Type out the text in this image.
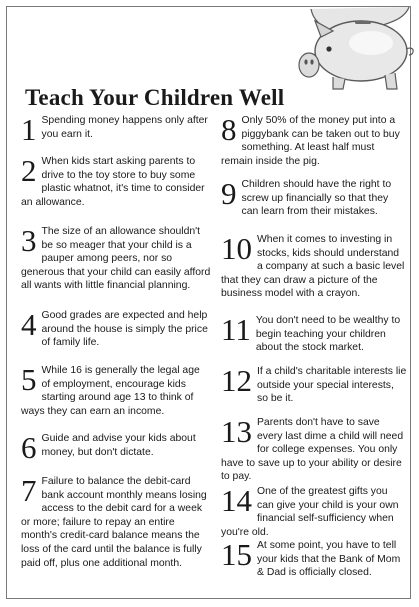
Teach Your Children Well
1 Spending money happens only after you earn it.
2 When kids start asking parents to drive to the toy store to buy some plastic whatnot, it's time to consider an allowance.
3 The size of an allowance shouldn't be so meager that your child is a pauper among peers, nor so generous that your child can easily afford all wants with little financial planning.
4 Good grades are expected and help around the house is simply the price of family life.
5 While 16 is generally the legal age of employment, encourage kids starting around age 13 to think of ways they can earn an income.
6 Guide and advise your kids about money, but don't dictate.
7 Failure to balance the debit-card bank account monthly means losing access to the debit card for a week or more; failure to repay an entire month's credit-card balance means the loss of the card until the balance is fully paid off, plus one additional month.
8 Only 50% of the money put into a piggybank can be taken out to buy something. At least half must remain inside the pig.
9 Children should have the right to screw up financially so that they can learn from their mistakes.
10 When it comes to investing in stocks, kids should understand a company at such a basic level that they can draw a picture of the business model with a crayon.
11 You don't need to be wealthy to begin teaching your children about the stock market.
12 If a child's charitable interests lie outside your special interests, so be it.
13 Parents don't have to save every last dime a child will need for college expenses. You only have to save up to your ability or desire to pay.
14 One of the greatest gifts you can give your child is your own financial self-sufficiency when you're old.
15 At some point, you have to tell your kids that the Bank of Mom & Dad is officially closed.
